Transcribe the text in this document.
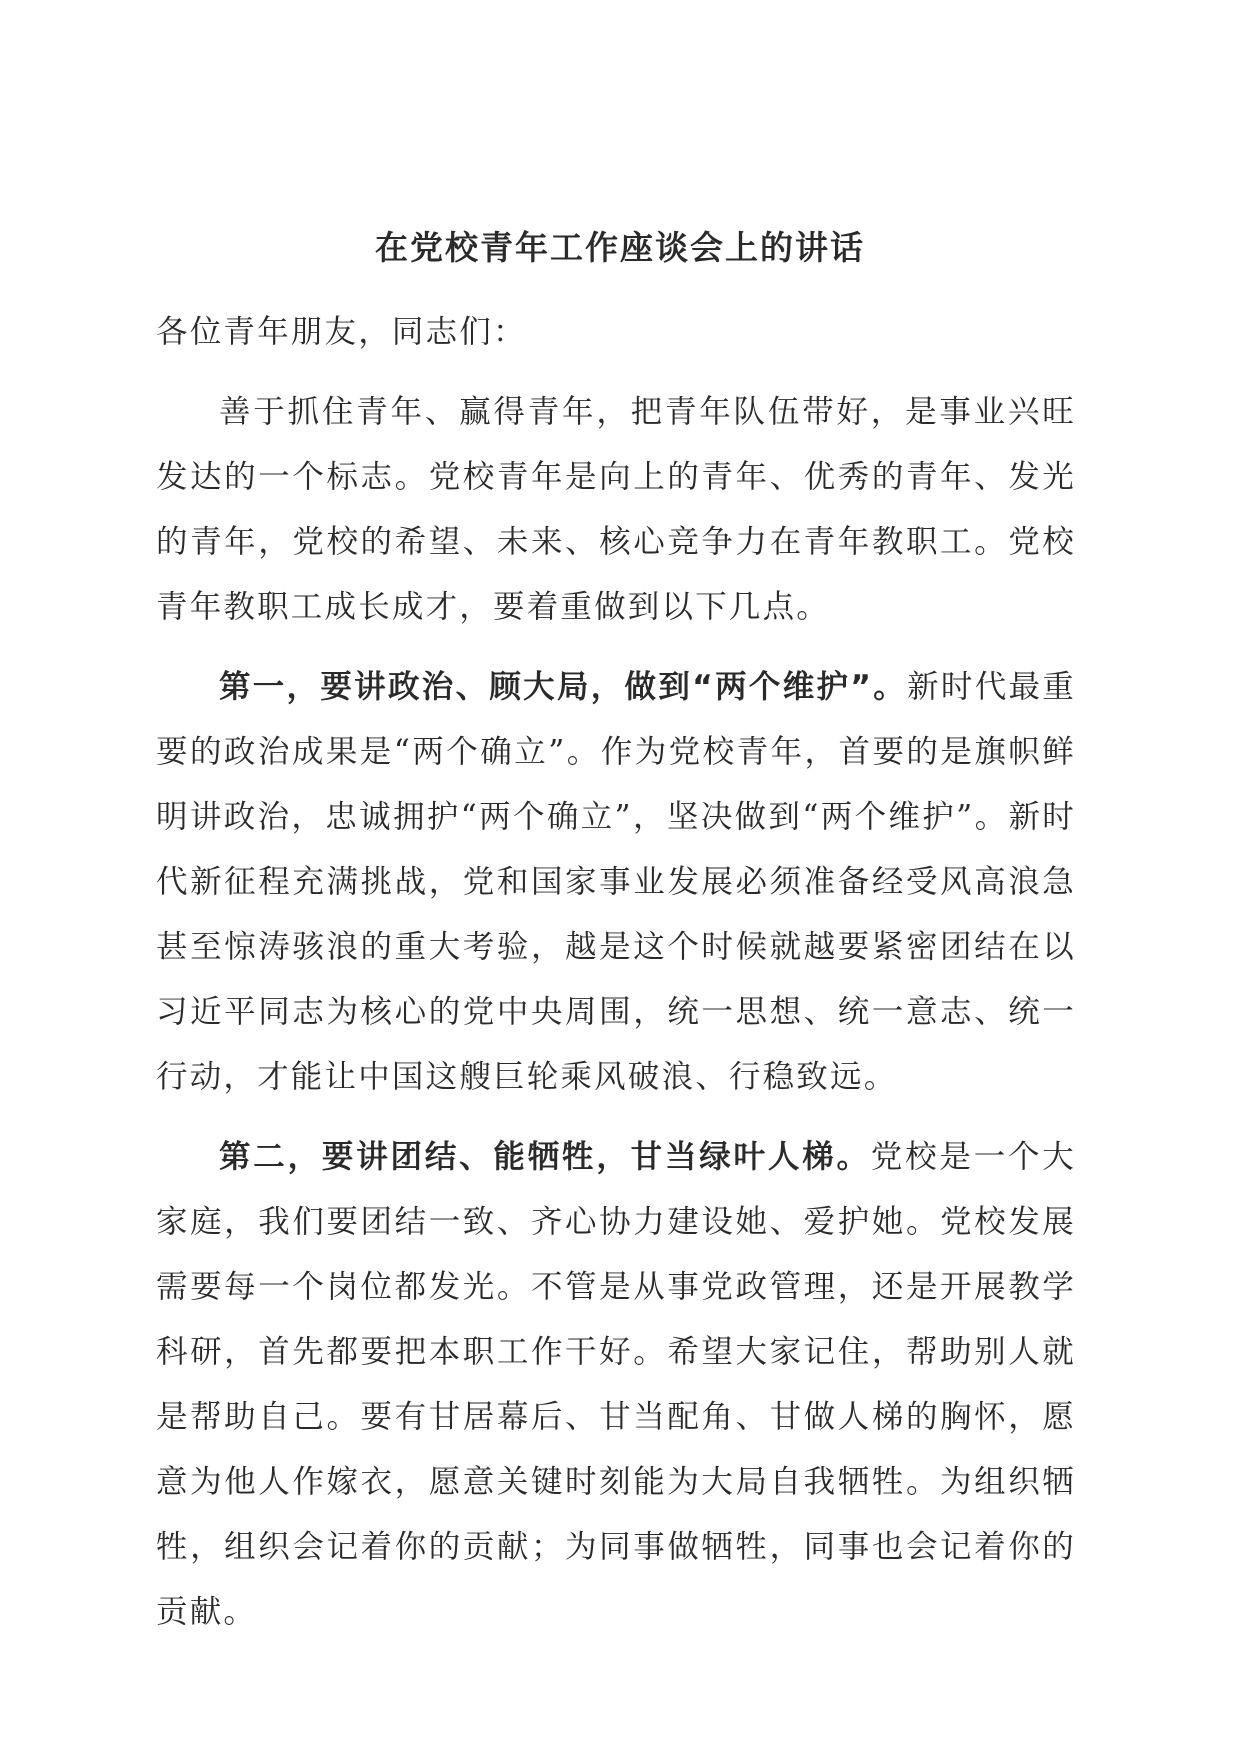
在党校青年工作座谈会上的讲话

各位青年朋友，同志们：

善于抓住青年、赢得青年，把青年队伍带好，是事业兴旺发达的一个标志。党校青年是向上的青年、优秀的青年、发光的青年，党校的希望、未来、核心竞争力在青年教职工。党校青年教职工成长成才，要着重做到以下几点。

第一，要讲政治、顾大局，做到“两个维护”。新时代最重要的政治成果是“两个确立”。作为党校青年，首要的是旗帜鲜明讲政治，忠诚拥护“两个确立”，坚决做到“两个维护”。新时代新征程充满挑战，党和国家事业发展必须准备经受风高浪急甚至惊涛骇浪的重大考验，越是这个时候就越要紧密团结在以习近平同志为核心的党中央周围，统一思想、统一意志、统一行动，才能让中国这艘巨轮乘风破浪、行稳致远。

第二，要讲团结、能牺牲，甘当绿叶人梯。党校是一个大家庭，我们要团结一致、齐心协力建设她、爱护她。党校发展需要每一个岗位都发光。不管是从事党政管理，还是开展教学科研，首先都要把本职工作干好。希望大家记住，帮助别人就是帮助自己。要有甘居幕后、甘当配角、甘做人梯的胸怀，愿意为他人作嫁衣，愿意关键时刻能为大局自我牺牲。为组织牺牲，组织会记着你的贡献；为同事做牺牲，同事也会记着你的贡献。
